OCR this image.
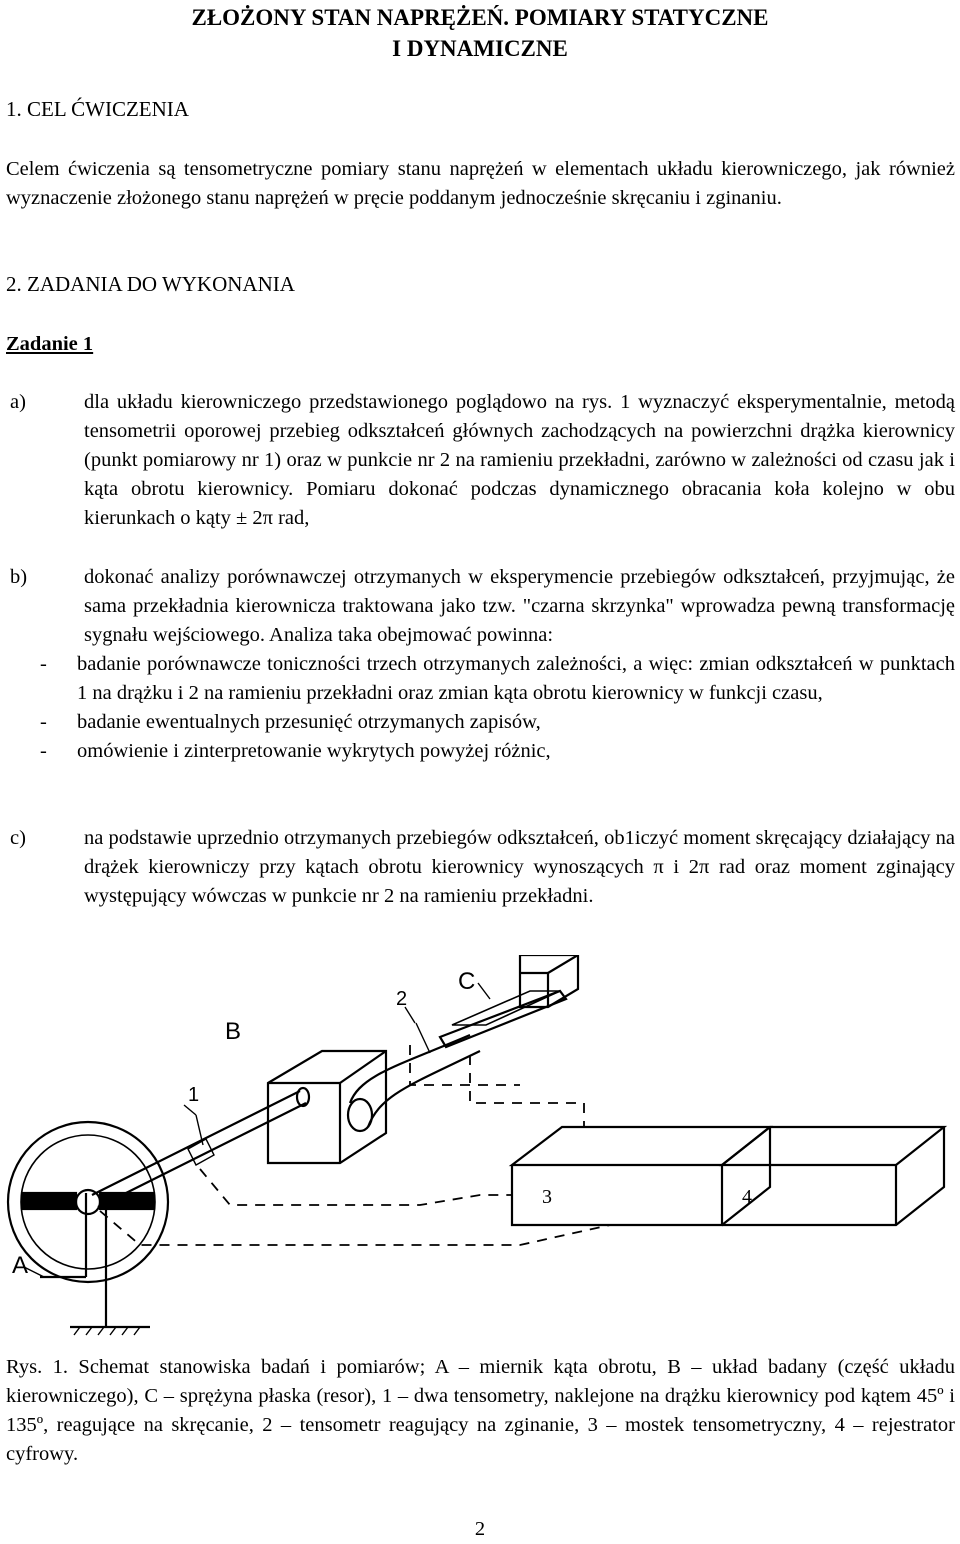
ZŁOŻONY STAN NAPRĘŻEŃ. POMIARY STATYCZNE
I DYNAMICZNE
1. CEL ĆWICZENIA
Celem ćwiczenia są tensometryczne pomiary stanu naprężeń w elementach układu kierowniczego, jak również wyznaczenie złożonego stanu naprężeń w pręcie poddanym jednocześnie skręcaniu i zginaniu.
2. ZADANIA DO WYKONANIA
Zadanie 1
a)	dla układu kierowniczego przedstawionego poglądowo na rys. 1 wyznaczyć eksperymentalnie, metodą tensometrii oporowej przebieg odkształceń głównych zachodzących na powierzchni drążka kierownicy (punkt pomiarowy nr 1) oraz w punkcie nr 2 na ramieniu przekładni, zarówno w zależności od czasu jak i kąta obrotu kierownicy. Pomiaru dokonać podczas dynamicznego obracania koła kolejno w obu kierunkach o kąty ± 2π rad,
b)	dokonać analizy porównawczej otrzymanych w eksperymencie przebiegów odkształceń, przyjmując, że sama przekładnia kierownicza traktowana jako tzw. "czarna skrzynka" wprowadza pewną transformację sygnału wejściowego. Analiza taka obejmować powinna:
- badanie porównawcze toniczności trzech otrzymanych zależności, a więc: zmian odkształceń w punktach 1 na drążku i 2 na ramieniu przekładni oraz zmian kąta obrotu kierownicy w funkcji czasu,
- badanie ewentualnych przesunięć otrzymanych zapisów,
- omówienie i zinterpretowanie wykrytych powyżej różnic,
c)	na podstawie uprzednio otrzymanych przebiegów odkształceń, ob1iczyć moment skręcający działający na drążek kierowniczy przy kątach obrotu kierownicy wynoszących π i 2π rad oraz moment zginający występujący wówczas w punkcie nr 2 na ramieniu przekładni.
A
B
C
1
2
3	4
Rys. 1. Schemat stanowiska badań i pomiarów; A – miernik kąta obrotu, B – układ badany (część układu kierowniczego), C – sprężyna płaska (resor), 1 – dwa tensometry, naklejone na drążku kierownicy pod kątem 45º i 135º, reagujące na skręcanie, 2 – tensometr reagujący na zginanie, 3 – mostek tensometryczny, 4 – rejestrator cyfrowy.
2
